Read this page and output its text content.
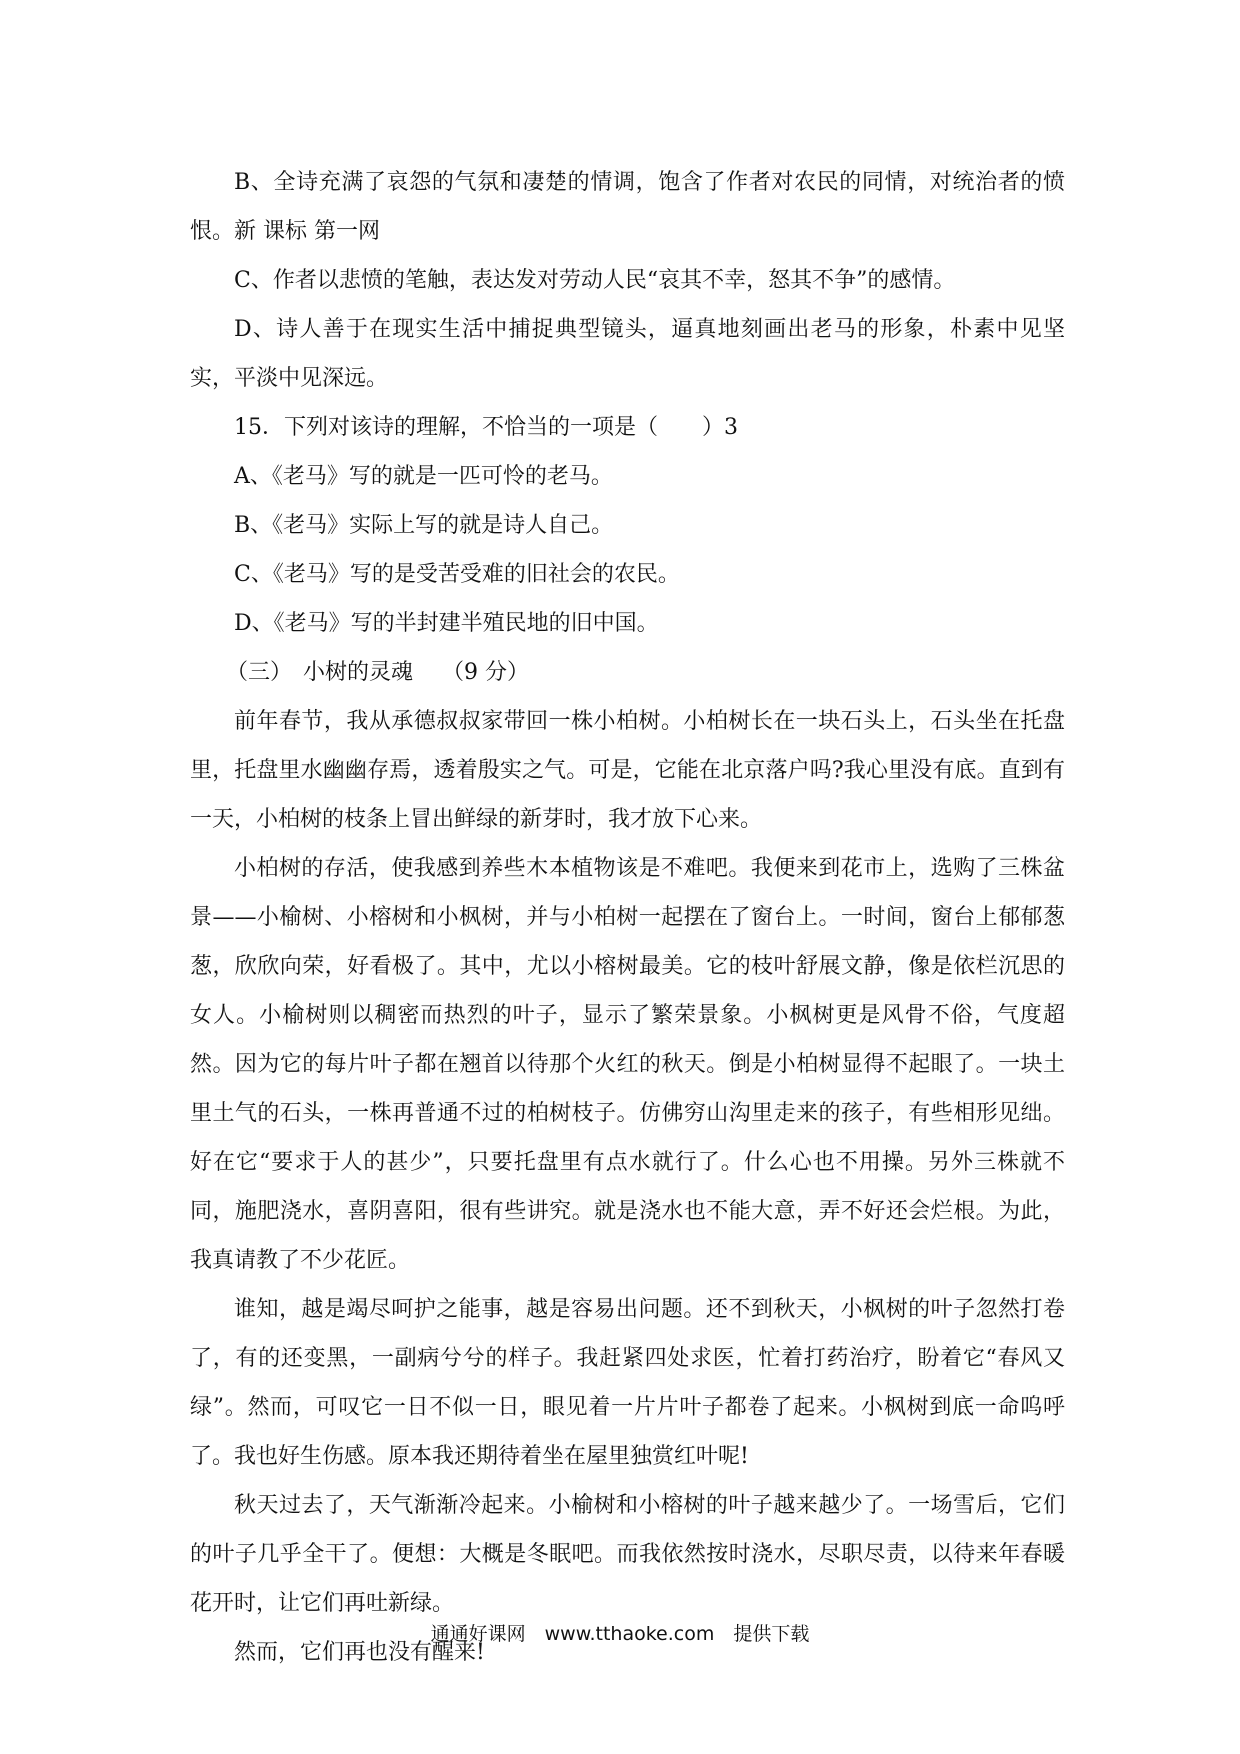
B、全诗充满了哀怨的气氛和凄楚的情调，饱含了作者对农民的同情，对统治者的愤恨。新 课标 第一网

C、作者以悲愤的笔触，表达发对劳动人民“哀其不幸，怒其不争”的感情。

D、诗人善于在现实生活中捕捉典型镜头，逼真地刻画出老马的形象，朴素中见坚实，平淡中见深远。

15．下列对该诗的理解，不恰当的一项是（　　）3

A、《老马》写的就是一匹可怜的老马。

B、《老马》实际上写的就是诗人自己。

C、《老马》写的是受苦受难的旧社会的农民。

D、《老马》写的半封建半殖民地的旧中国。

（三）　小树的灵魂　 （9 分）

前年春节，我从承德叔叔家带回一株小柏树。小柏树长在一块石头上，石头坐在托盘里，托盘里水幽幽存焉，透着殷实之气。可是，它能在北京落户吗?我心里没有底。直到有一天，小柏树的枝条上冒出鲜绿的新芽时，我才放下心来。

小柏树的存活，使我感到养些木本植物该是不难吧。我便来到花市上，选购了三株盆景——小榆树、小榕树和小枫树，并与小柏树一起摆在了窗台上。一时间，窗台上郁郁葱葱，欣欣向荣，好看极了。其中，尤以小榕树最美。它的枝叶舒展文静，像是依栏沉思的女人。小榆树则以稠密而热烈的叶子，显示了繁荣景象。小枫树更是风骨不俗，气度超然。因为它的每片叶子都在翘首以待那个火红的秋天。倒是小柏树显得不起眼了。一块土里土气的石头，一株再普通不过的柏树枝子。仿佛穷山沟里走来的孩子，有些相形见绌。好在它“要求于人的甚少”，只要托盘里有点水就行了。什么心也不用操。另外三株就不同，施肥浇水，喜阴喜阳，很有些讲究。就是浇水也不能大意，弄不好还会烂根。为此，我真请教了不少花匠。

谁知，越是竭尽呵护之能事，越是容易出问题。还不到秋天，小枫树的叶子忽然打卷了，有的还变黑，一副病兮兮的样子。我赶紧四处求医，忙着打药治疗，盼着它“春风又绿”。然而，可叹它一日不似一日，眼见着一片片叶子都卷了起来。小枫树到底一命呜呼了。我也好生伤感。原本我还期待着坐在屋里独赏红叶呢!

秋天过去了，天气渐渐冷起来。小榆树和小榕树的叶子越来越少了。一场雪后，它们的叶子几乎全干了。便想：大概是冬眠吧。而我依然按时浇水，尽职尽责，以待来年春暖花开时，让它们再吐新绿。

然而，它们再也没有醒来!

通通好课网　www.tthaoke.com　提供下载
